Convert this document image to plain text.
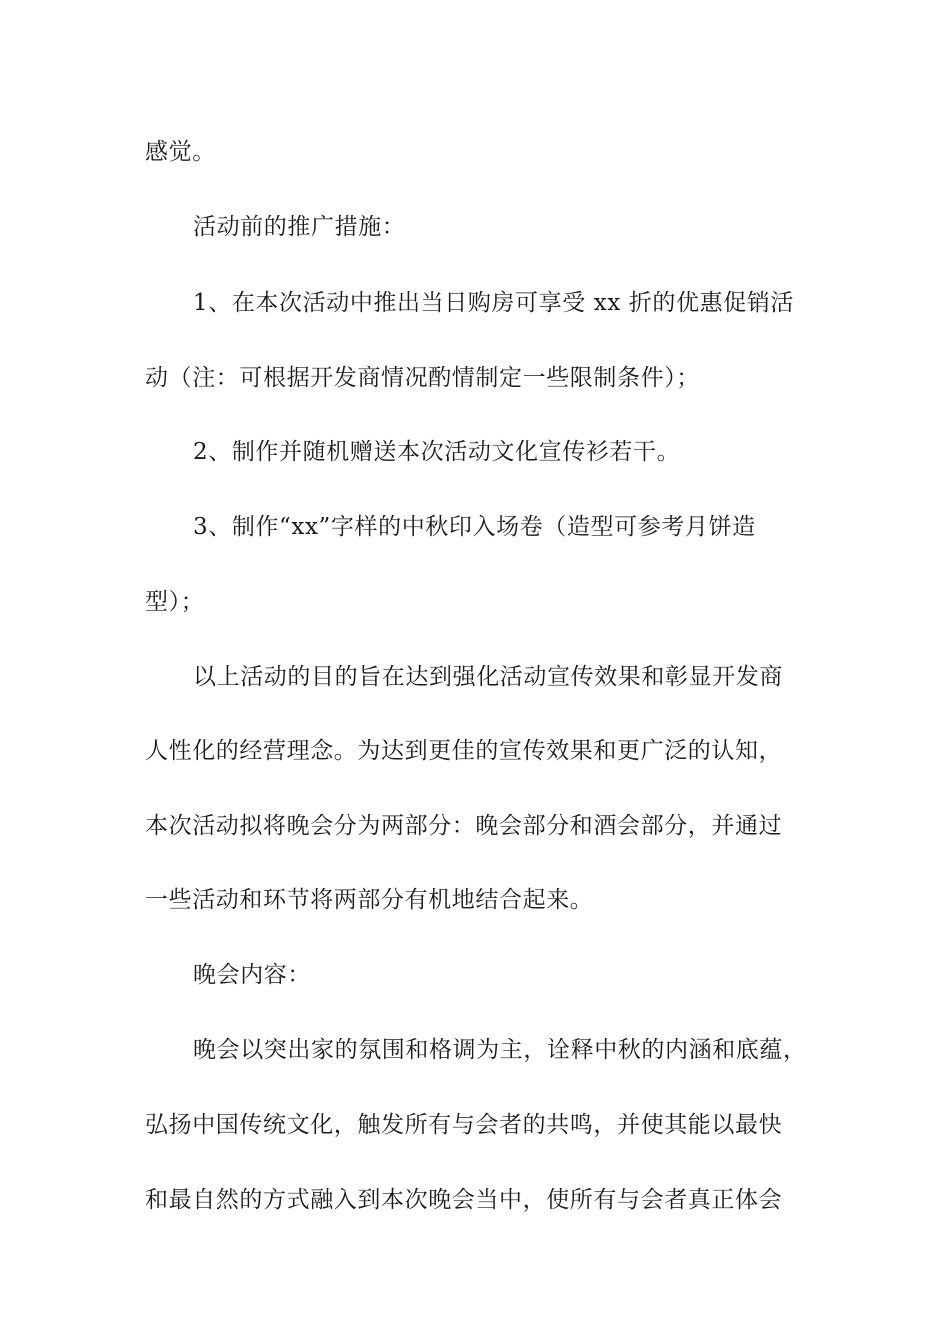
感觉。
活动前的推广措施：
1、在本次活动中推出当日购房可享受 xx 折的优惠促销活
动（注：可根据开发商情况酌情制定一些限制条件）；
2、制作并随机赠送本次活动文化宣传衫若干。
3、制作“xx”字样的中秋印入场卷（造型可参考月饼造
型）；
以上活动的目的旨在达到强化活动宣传效果和彰显开发商
人性化的经营理念。为达到更佳的宣传效果和更广泛的认知，
本次活动拟将晚会分为两部分：晚会部分和酒会部分，并通过
一些活动和环节将两部分有机地结合起来。
晚会内容：
晚会以突出家的氛围和格调为主，诠释中秋的内涵和底蕴，
弘扬中国传统文化，触发所有与会者的共鸣，并使其能以最快
和最自然的方式融入到本次晚会当中，使所有与会者真正体会
